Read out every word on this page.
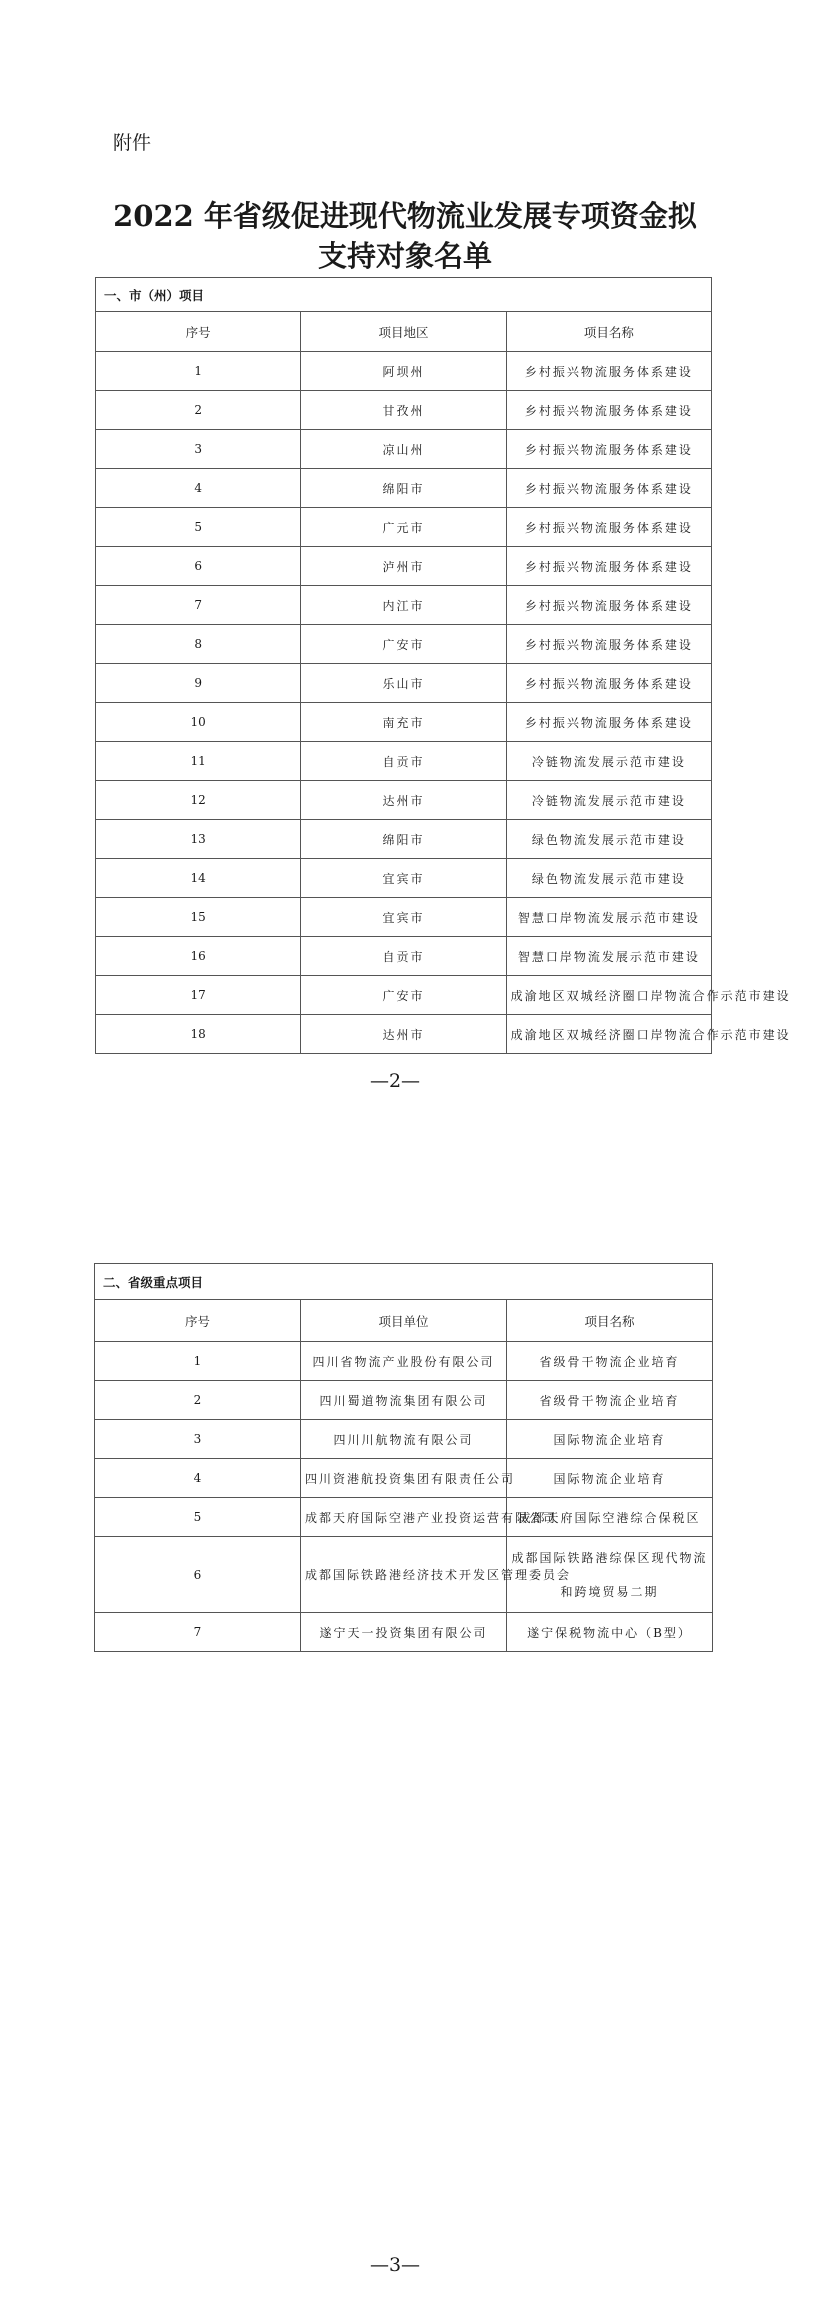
附件
2022 年省级促进现代物流业发展专项资金拟
支持对象名单
一、市（州）项目		
序号	项目地区	项目名称
1	阿坝州	乡村振兴物流服务体系建设
2	甘孜州	乡村振兴物流服务体系建设
3	凉山州	乡村振兴物流服务体系建设
4	绵阳市	乡村振兴物流服务体系建设
5	广元市	乡村振兴物流服务体系建设
6	泸州市	乡村振兴物流服务体系建设
7	内江市	乡村振兴物流服务体系建设
8	广安市	乡村振兴物流服务体系建设
9	乐山市	乡村振兴物流服务体系建设
10	南充市	乡村振兴物流服务体系建设
11	自贡市	冷链物流发展示范市建设
12	达州市	冷链物流发展示范市建设
13	绵阳市	绿色物流发展示范市建设
14	宜宾市	绿色物流发展示范市建设
15	宜宾市	智慧口岸物流发展示范市建设
16	自贡市	智慧口岸物流发展示范市建设
17	广安市	成渝地区双城经济圈口岸物流合作示范市建设
18	达州市	成渝地区双城经济圈口岸物流合作示范市建设
—2—
二、省级重点项目		
序号	项目单位	项目名称
1	四川省物流产业股份有限公司	省级骨干物流企业培育
2	四川蜀道物流集团有限公司	省级骨干物流企业培育
3	四川川航物流有限公司	国际物流企业培育
4	四川资港航投资集团有限责任公司	国际物流企业培育
5	成都天府国际空港产业投资运营有限公司	成都天府国际空港综合保税区
6	成都国际铁路港经济技术开发区管理委员会	成都国际铁路港综保区现代物流和跨境贸易二期
7	遂宁天一投资集团有限公司	遂宁保税物流中心（B型）
—3—
